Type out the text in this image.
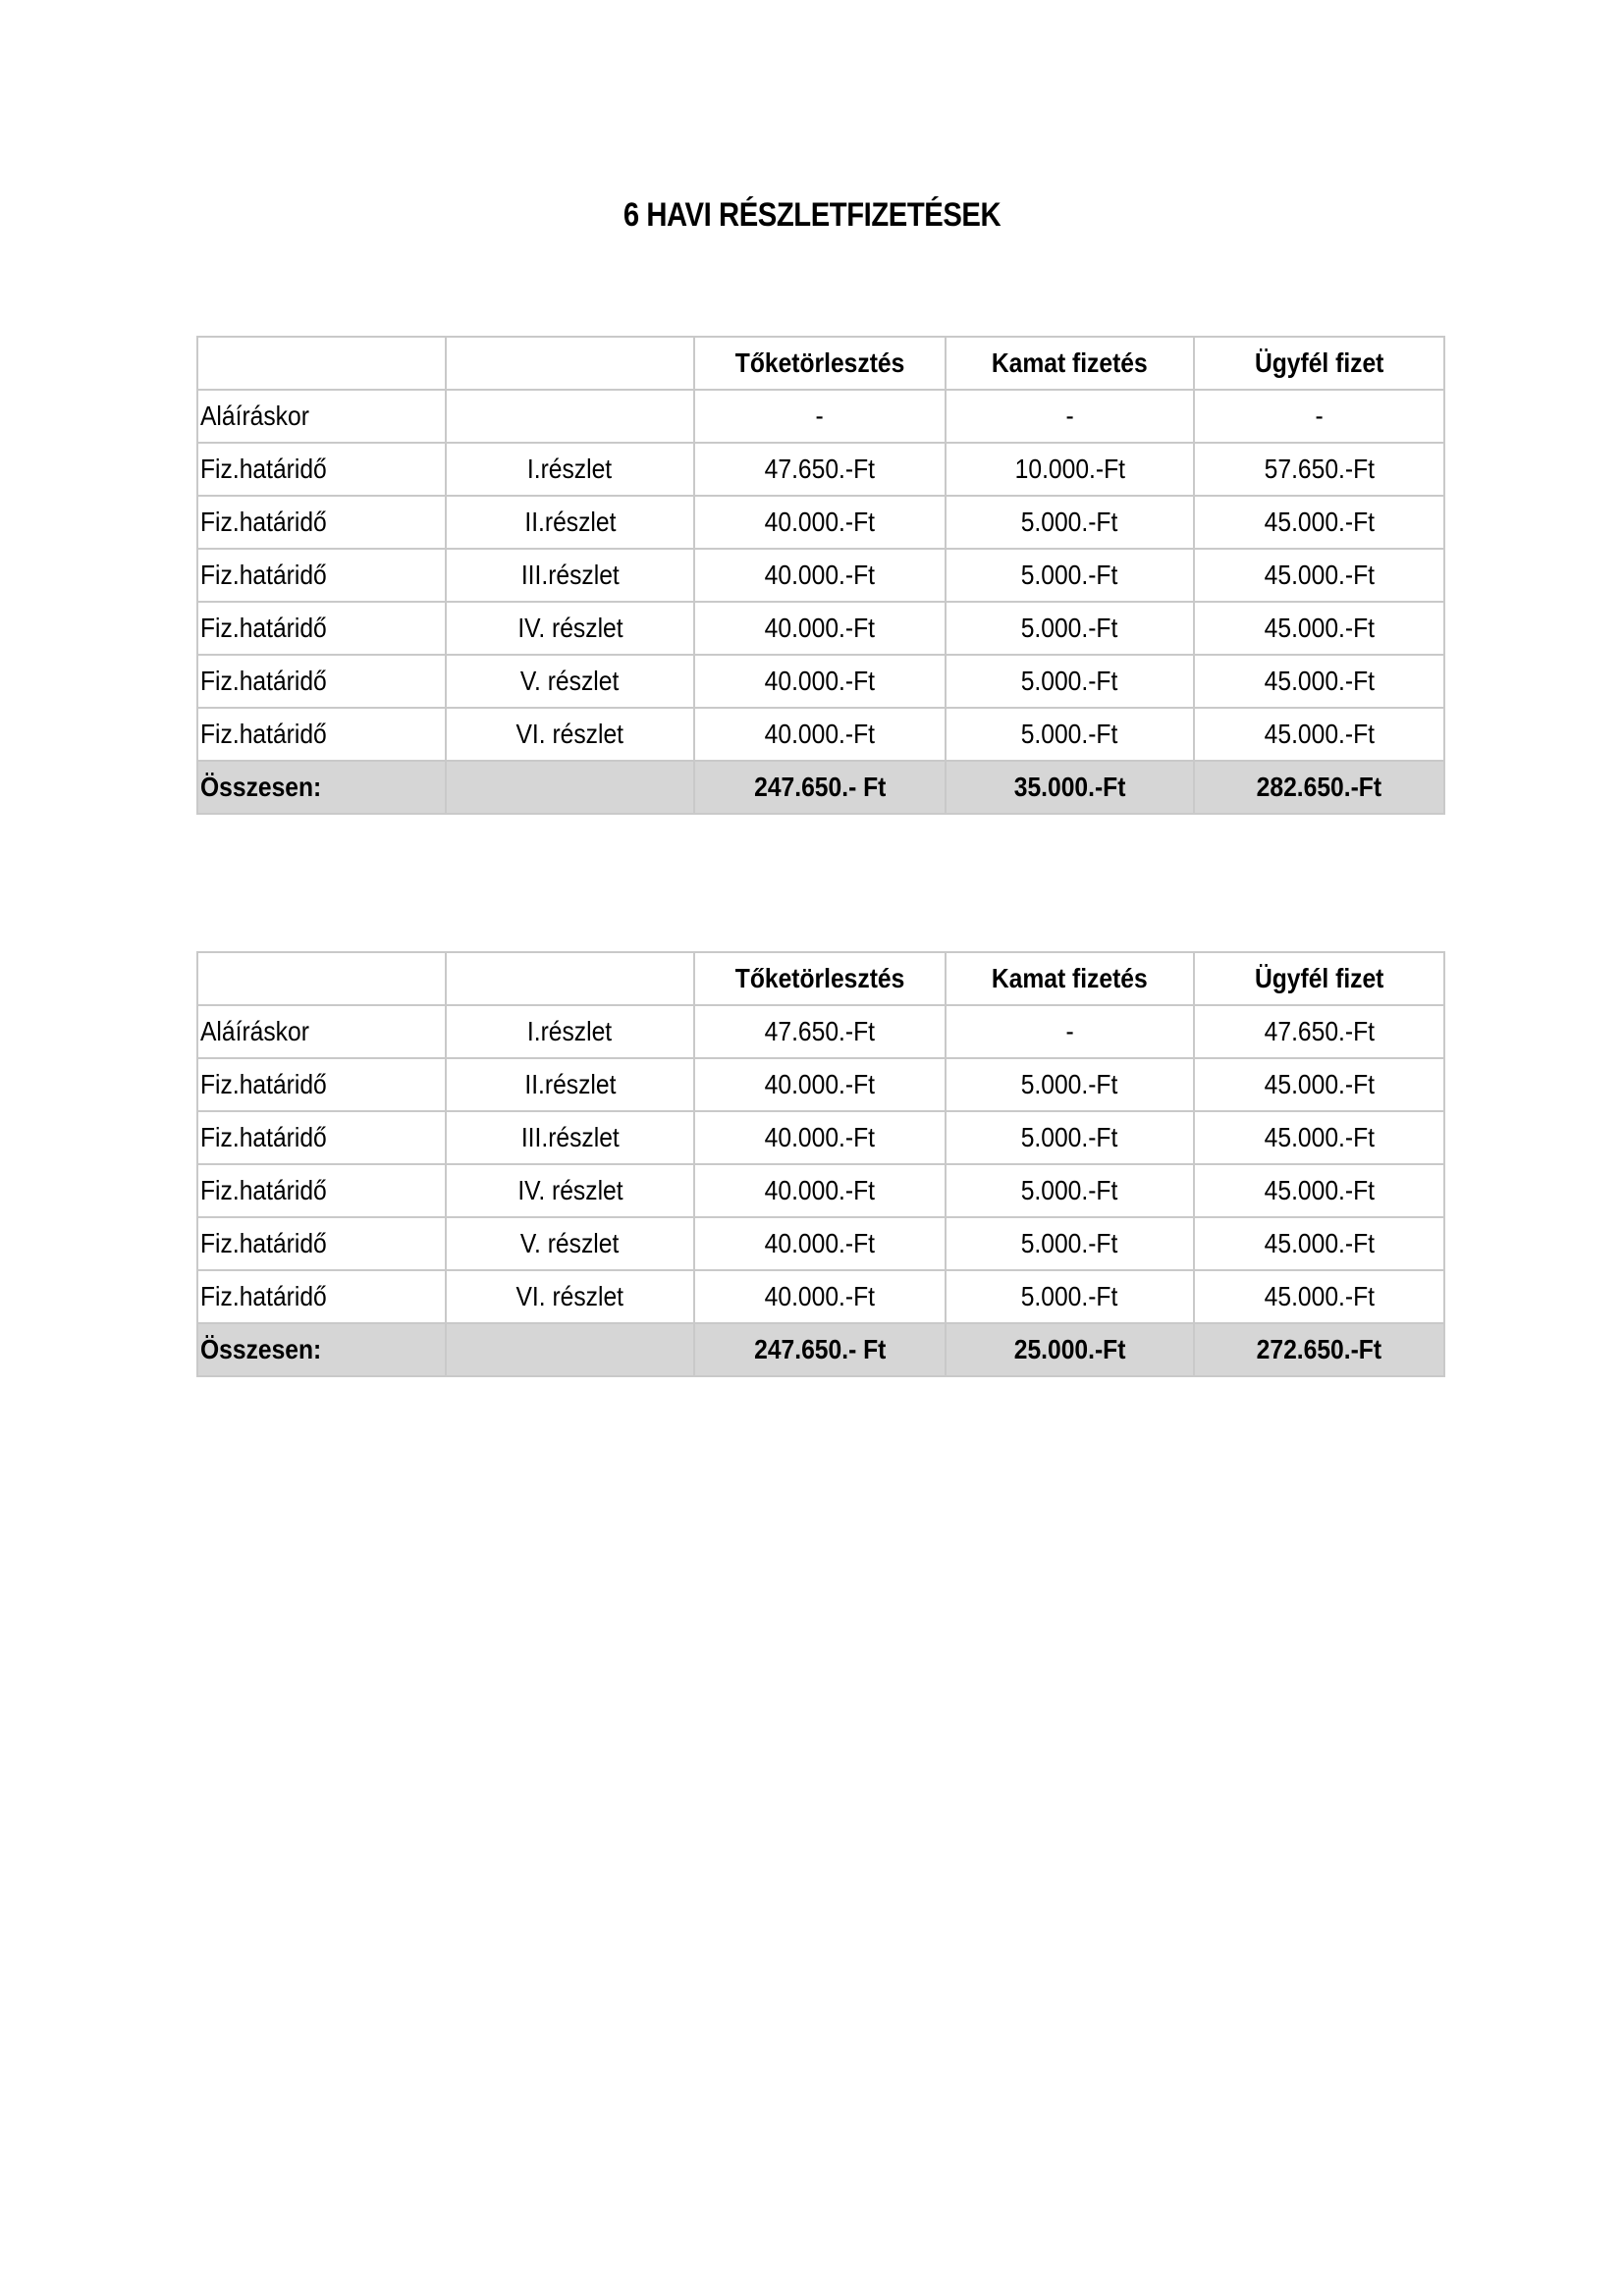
6 HAVI RÉSZLETFIZETÉSEK
		Tőketörlesztés	Kamat fizetés	Ügyfél fizet
Aláíráskor		-	-	-
Fiz.határidő	I.részlet	47.650.-Ft	10.000.-Ft	57.650.-Ft
Fiz.határidő	II.részlet	40.000.-Ft	5.000.-Ft	45.000.-Ft
Fiz.határidő	III.részlet	40.000.-Ft	5.000.-Ft	45.000.-Ft
Fiz.határidő	IV. részlet	40.000.-Ft	5.000.-Ft	45.000.-Ft
Fiz.határidő	V. részlet	40.000.-Ft	5.000.-Ft	45.000.-Ft
Fiz.határidő	VI. részlet	40.000.-Ft	5.000.-Ft	45.000.-Ft
Összesen:		247.650.- Ft	35.000.-Ft	282.650.-Ft
		Tőketörlesztés	Kamat fizetés	Ügyfél fizet
Aláíráskor	I.részlet	47.650.-Ft	-	47.650.-Ft
Fiz.határidő	II.részlet	40.000.-Ft	5.000.-Ft	45.000.-Ft
Fiz.határidő	III.részlet	40.000.-Ft	5.000.-Ft	45.000.-Ft
Fiz.határidő	IV. részlet	40.000.-Ft	5.000.-Ft	45.000.-Ft
Fiz.határidő	V. részlet	40.000.-Ft	5.000.-Ft	45.000.-Ft
Fiz.határidő	VI. részlet	40.000.-Ft	5.000.-Ft	45.000.-Ft
Összesen:		247.650.- Ft	25.000.-Ft	272.650.-Ft
